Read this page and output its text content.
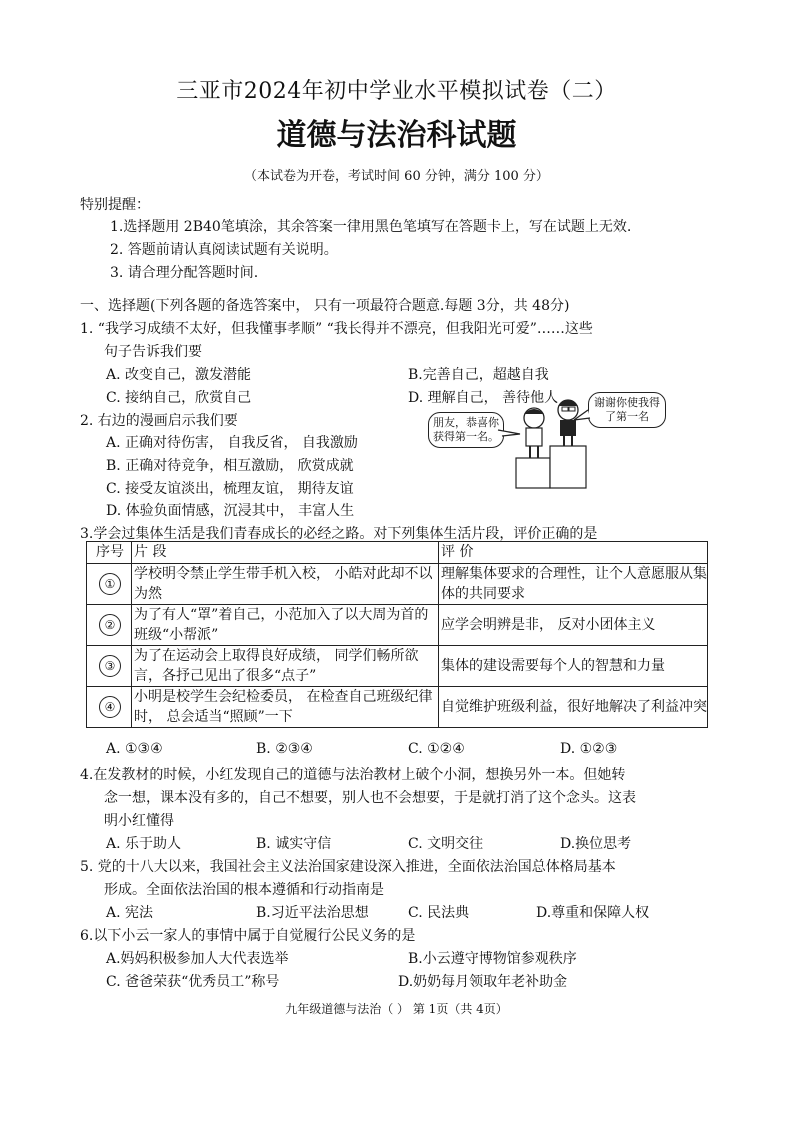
三亚市2024年初中学业水平模拟试卷（二）
道德与法治科试题
（本试卷为开卷，考试时间 60 分钟，满分 100 分）
特别提醒：
1.选择题用 2B40笔填涂，其余答案一律用黑色笔填写在答题卡上，写在试题上无效.
2. 答题前请认真阅读试题有关说明。
3. 请合理分配答题时间.
一、选择题(下列各题的备选答案中， 只有一项最符合题意.每题 3分，共 48分)
1. “我学习成绩不太好，但我懂事孝顺” “我长得并不漂亮，但我阳光可爱”……这些
句子告诉我们要
A. 改变自己，激发潜能	B.完善自己，超越自我
C. 接纳自己，欣赏自己	D. 理解自己， 善待他人
2. 右边的漫画启示我们要
A. 正确对待伤害， 自我反省， 自我激励
B. 正确对待竞争，相互激励， 欣赏成就
C. 接受友谊淡出，梳理友谊， 期待友谊
D. 体验负面情感，沉浸其中， 丰富人生
朋友，恭喜你获得第一名。
谢谢你使我得了第一名
3.学会过集体生活是我们青春成长的必经之路。对下列集体生活片段，评价正确的是
序号	片 段	评 价
①	学校明令禁止学生带手机入校， 小皓对此却不以为然	理解集体要求的合理性，让个人意愿服从集体的共同要求
②	为了有人“罩”着自己，小范加入了以大周为首的班级“小帮派”	应学会明辨是非， 反对小团体主义
③	为了在运动会上取得良好成绩， 同学们畅所欲言，各抒己见出了很多“点子”	集体的建设需要每个人的智慧和力量
④	小明是校学生会纪检委员， 在检查自己班级纪律时， 总会适当“照顾”一下	自觉维护班级利益，很好地解决了利益冲突
A. ①③④	B. ②③④	C. ①②④	D. ①②③
4.在发教材的时候，小红发现自己的道德与法治教材上破个小洞，想换另外一本。但她转
念一想，课本没有多的，自己不想要，别人也不会想要，于是就打消了这个念头。这表
明小红懂得
A. 乐于助人	B. 诚实守信	C. 文明交往	D.换位思考
5. 党的十八大以来，我国社会主义法治国家建设深入推进，全面依法治国总体格局基本
形成。全面依法治国的根本遵循和行动指南是
A. 宪法	B.习近平法治思想	C. 民法典	D.尊重和保障人权
6.以下小云一家人的事情中属于自觉履行公民义务的是
A.妈妈积极参加人大代表选举	B.小云遵守博物馆参观秩序
C. 爸爸荣获“优秀员工”称号	D.奶奶每月领取年老补助金
九年级道德与法治（ ） 第 1页（共 4页）
